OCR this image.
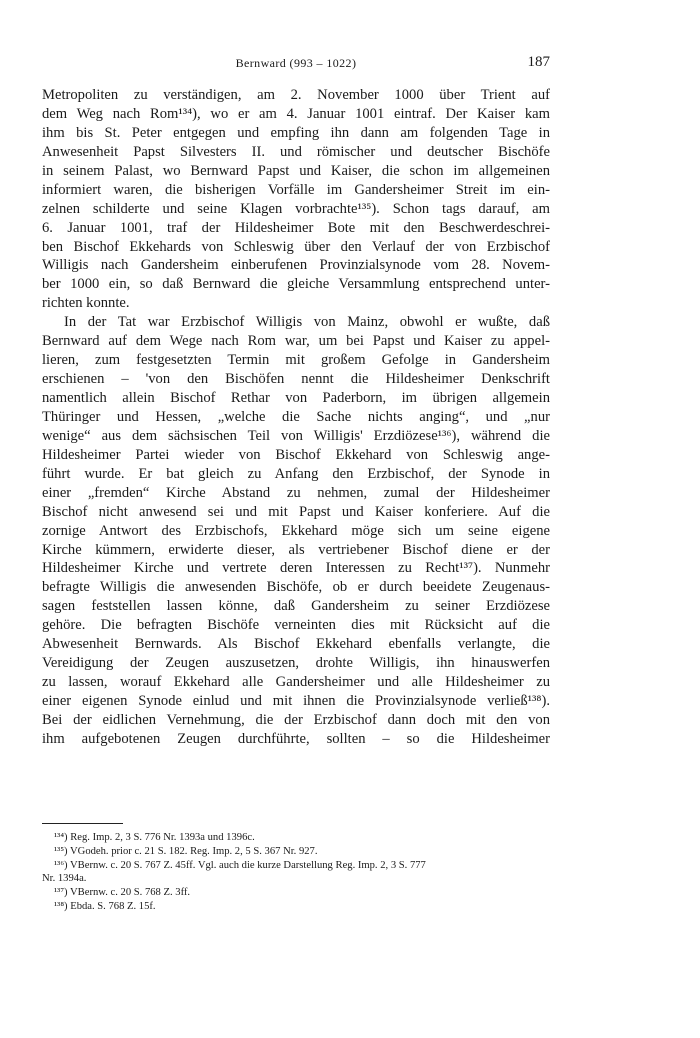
Bernward (993 – 1022)	187
Metropoliten zu verständigen, am 2. November 1000 über Trient auf
dem Weg nach Rom¹³⁴), wo er am 4. Januar 1001 eintraf. Der Kaiser kam
ihm bis St. Peter entgegen und empfing ihn dann am folgenden Tage in
Anwesenheit Papst Silvesters II. und römischer und deutscher Bischöfe
in seinem Palast, wo Bernward Papst und Kaiser, die schon im allgemeinen
informiert waren, die bisherigen Vorfälle im Gandersheimer Streit im ein-
zelnen schilderte und seine Klagen vorbrachte¹³⁵). Schon tags darauf, am
6. Januar 1001, traf der Hildesheimer Bote mit den Beschwerdeschrei-
ben Bischof Ekkehards von Schleswig über den Verlauf der von Erzbischof
Willigis nach Gandersheim einberufenen Provinzialsynode vom 28. Novem-
ber 1000 ein, so daß Bernward die gleiche Versammlung entsprechend unter-
richten konnte.
In der Tat war Erzbischof Willigis von Mainz, obwohl er wußte, daß
Bernward auf dem Wege nach Rom war, um bei Papst und Kaiser zu appel-
lieren, zum festgesetzten Termin mit großem Gefolge in Gandersheim
erschienen – 'von den Bischöfen nennt die Hildesheimer Denkschrift
namentlich allein Bischof Rethar von Paderborn, im übrigen allgemein
Thüringer und Hessen, „welche die Sache nichts anging“, und „nur
wenige“ aus dem sächsischen Teil von Willigis' Erzdiözese¹³⁶), während die
Hildesheimer Partei wieder von Bischof Ekkehard von Schleswig ange-
führt wurde. Er bat gleich zu Anfang den Erzbischof, der Synode in
einer „fremden“ Kirche Abstand zu nehmen, zumal der Hildesheimer
Bischof nicht anwesend sei und mit Papst und Kaiser konferiere. Auf die
zornige Antwort des Erzbischofs, Ekkehard möge sich um seine eigene
Kirche kümmern, erwiderte dieser, als vertriebener Bischof diene er der
Hildesheimer Kirche und vertrete deren Interessen zu Recht¹³⁷). Nunmehr
befragte Willigis die anwesenden Bischöfe, ob er durch beeidete Zeugenaus-
sagen feststellen lassen könne, daß Gandersheim zu seiner Erzdiözese
gehöre. Die befragten Bischöfe verneinten dies mit Rücksicht auf die
Abwesenheit Bernwards. Als Bischof Ekkehard ebenfalls verlangte, die
Vereidigung der Zeugen auszusetzen, drohte Willigis, ihn hinauswerfen
zu lassen, worauf Ekkehard alle Gandersheimer und alle Hildesheimer zu
einer eigenen Synode einlud und mit ihnen die Provinzialsynode verließ¹³⁸).
Bei der eidlichen Vernehmung, die der Erzbischof dann doch mit den von
ihm aufgebotenen Zeugen durchführte, sollten – so die Hildesheimer
¹³⁴) Reg. Imp. 2, 3 S. 776 Nr. 1393a und 1396c.
¹³⁵) VGodeh. prior c. 21 S. 182. Reg. Imp. 2, 5 S. 367 Nr. 927.
¹³⁶) VBernw. c. 20 S. 767 Z. 45ff. Vgl. auch die kurze Darstellung Reg. Imp. 2, 3 S. 777
Nr. 1394a.
¹³⁷) VBernw. c. 20 S. 768 Z. 3ff.
¹³⁸) Ebda. S. 768 Z. 15f.
